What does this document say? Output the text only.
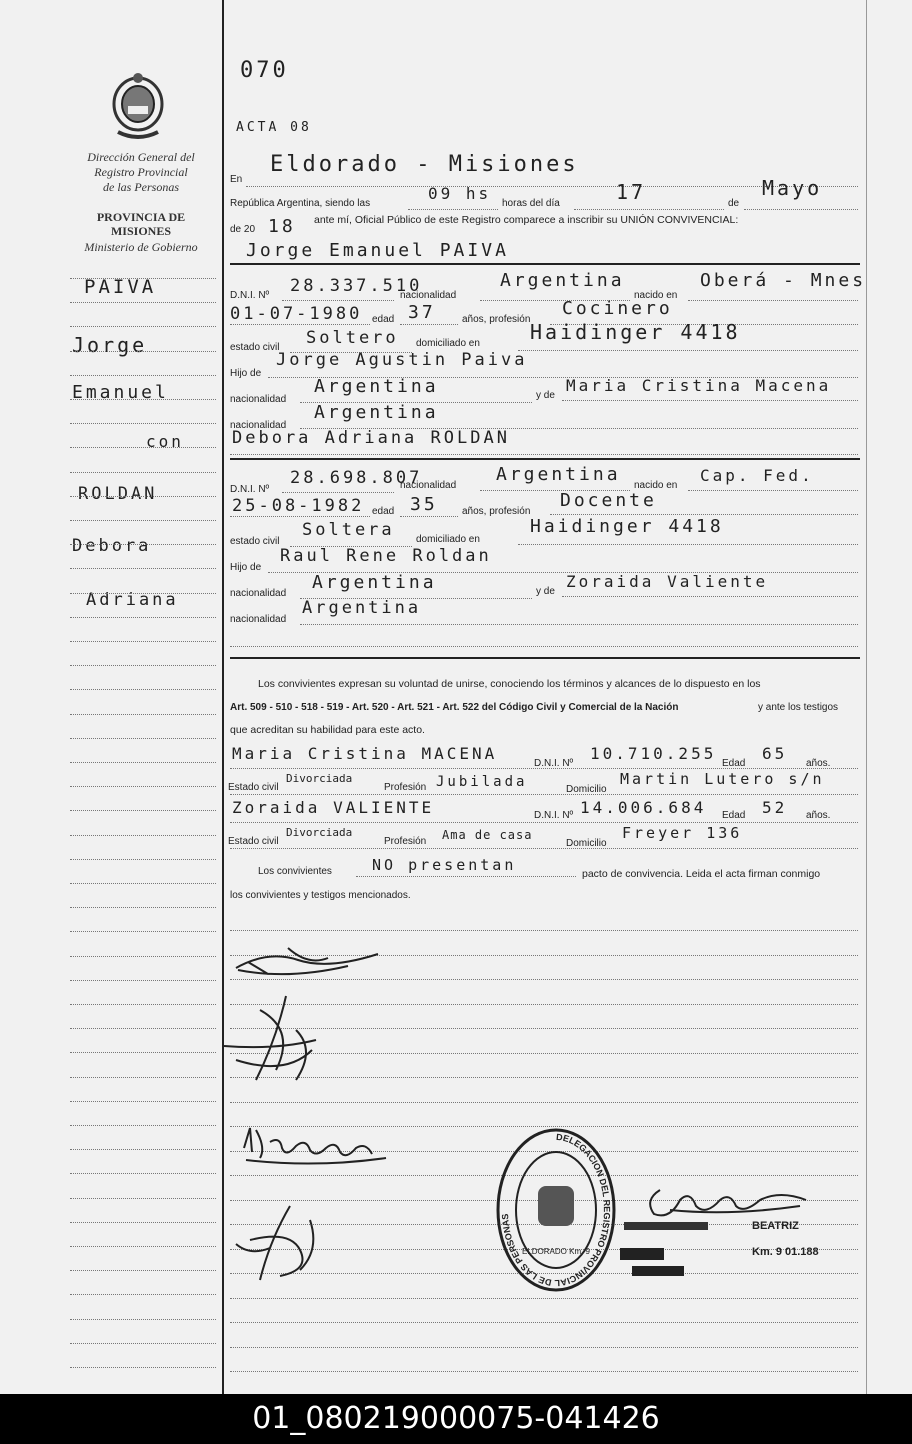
Dirección General del
Registro Provincial
de las Personas
PROVINCIA DE
MISIONES
Ministerio de Gobierno
PAIVA
Jorge
Emanuel
con
ROLDAN
Debora
Adriana
070
ACTA 08
En
Eldorado - Misiones
República Argentina, siendo las
09 hs
horas del día	17	de
Mayo
de 20 18 ante mí, Oficial Público de este Registro comparece a inscribir su UNIÓN CONVIVENCIAL:
Jorge Emanuel PAIVA
D.N.I. Nº 28.337.510
nacionalidad
Argentina
nacido en
Oberá - Mnes
01-07-1980 edad 37	años, profesión
Cocinero
estado civil Soltero domiciliado en	Haidinger 4418
Hijo de
Jorge Agustin Paiva
nacionalidad
Argentina	y de
Maria Cristina Macena
nacionalidad
Argentina
Debora Adriana ROLDAN
D.N.I. Nº
28.698.807
nacionalidad
Argentina
nacido en
Cap. Fed.
25-08-1982 edad 35 años, profesión
Docente
estado civil
Soltera domiciliado en
Haidinger 4418
Hijo de
Raul Rene Roldan
nacionalidad
Argentina	y de
Zoraida Valiente
nacionalidad
Argentina
Los convivientes expresan su voluntad de unirse, conociendo los términos y alcances de lo dispuesto en los
Art. 509 - 510 - 518 - 519 - Art. 520 - Art. 521 - Art. 522 del Código Civil y Comercial de la Nación	y ante los testigos
que acreditan su habilidad para este acto.
Maria Cristina MACENA
D.N.I. Nº
10.710.255
Edad
65
años.
Estado civil
Divorciada
Profesión Jubilada	Domicilio
Martin Lutero s/n
Zoraida VALIENTE	D.N.I. Nº 14.006.684 Edad 52 años.
Estado civil
Divorciada
Profesión Ama de casa
Domicilio
Freyer 136
Los convivientes	NO presentan	pacto de convivencia. Leida el acta firman conmigo
los convivientes y testigos mencionados.
DELEGACION DEL REGISTRO PROVINCIAL DE LAS PERSONAS
ELDORADO Km. 9
BEATRIZ
Km. 9 01.188
01_080219000075-041426
